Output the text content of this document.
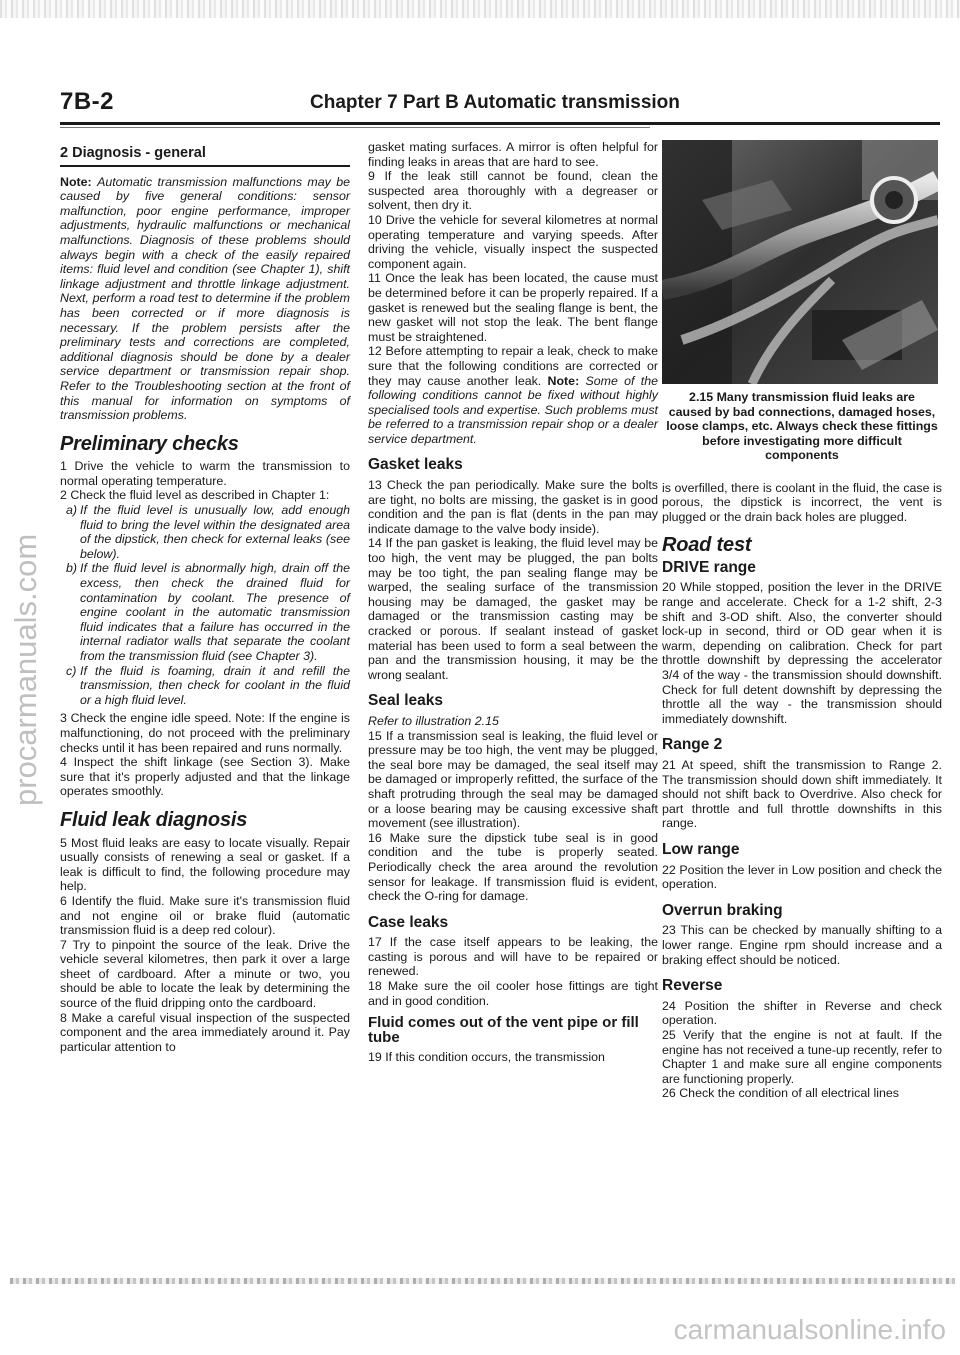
7B-2	Chapter 7 Part B Automatic transmission
2 Diagnosis - general

Note: Automatic transmission malfunctions may be caused by five general conditions: sensor malfunction, poor engine performance, improper adjustments, hydraulic malfunctions or mechanical malfunctions. Diagnosis of these problems should always begin with a check of the easily repaired items: fluid level and condition (see Chapter 1), shift linkage adjustment and throttle linkage adjustment. Next, perform a road test to determine if the problem has been corrected or if more diagnosis is necessary. If the problem persists after the preliminary tests and corrections are completed, additional diagnosis should be done by a dealer service department or transmission repair shop. Refer to the Troubleshooting section at the front of this manual for information on symptoms of transmission problems.

Preliminary checks

1 Drive the vehicle to warm the transmission to normal operating temperature.

2 Check the fluid level as described in Chapter 1:

a) If the fluid level is unusually low, add enough fluid to bring the level within the designated area of the dipstick, then check for external leaks (see below).

b) If the fluid level is abnormally high, drain off the excess, then check the drained fluid for contamination by coolant. The presence of engine coolant in the automatic transmission fluid indicates that a failure has occurred in the internal radiator walls that separate the coolant from the transmission fluid (see Chapter 3).

c) If the fluid is foaming, drain it and refill the transmission, then check for coolant in the fluid or a high fluid level.

3 Check the engine idle speed. Note: If the engine is malfunctioning, do not proceed with the preliminary checks until it has been repaired and runs normally.

4 Inspect the shift linkage (see Section 3). Make sure that it's properly adjusted and that the linkage operates smoothly.

Fluid leak diagnosis

5 Most fluid leaks are easy to locate visually. Repair usually consists of renewing a seal or gasket. If a leak is difficult to find, the following procedure may help.

6 Identify the fluid. Make sure it's transmission fluid and not engine oil or brake fluid (automatic transmission fluid is a deep red colour).

7 Try to pinpoint the source of the leak. Drive the vehicle several kilometres, then park it over a large sheet of cardboard. After a minute or two, you should be able to locate the leak by determining the source of the fluid dripping onto the cardboard.

8 Make a careful visual inspection of the suspected component and the area immediately around it. Pay particular attention to

gasket mating surfaces. A mirror is often helpful for finding leaks in areas that are hard to see.

9 If the leak still cannot be found, clean the suspected area thoroughly with a degreaser or solvent, then dry it.

10 Drive the vehicle for several kilometres at normal operating temperature and varying speeds. After driving the vehicle, visually inspect the suspected component again.

11 Once the leak has been located, the cause must be determined before it can be properly repaired. If a gasket is renewed but the sealing flange is bent, the new gasket will not stop the leak. The bent flange must be straightened.

12 Before attempting to repair a leak, check to make sure that the following conditions are corrected or they may cause another leak. Note: Some of the following conditions cannot be fixed without highly specialised tools and expertise. Such problems must be referred to a transmission repair shop or a dealer service department.

Gasket leaks

13 Check the pan periodically. Make sure the bolts are tight, no bolts are missing, the gasket is in good condition and the pan is flat (dents in the pan may indicate damage to the valve body inside).

14 If the pan gasket is leaking, the fluid level may be too high, the vent may be plugged, the pan bolts may be too tight, the pan sealing flange may be warped, the sealing surface of the transmission housing may be damaged, the gasket may be damaged or the transmission casting may be cracked or porous. If sealant instead of gasket material has been used to form a seal between the pan and the transmission housing, it may be the wrong sealant.

Seal leaks

Refer to illustration 2.15

15 If a transmission seal is leaking, the fluid level or pressure may be too high, the vent may be plugged, the seal bore may be damaged, the seal itself may be damaged or improperly refitted, the surface of the shaft protruding through the seal may be damaged or a loose bearing may be causing excessive shaft movement (see illustration).

16 Make sure the dipstick tube seal is in good condition and the tube is properly seated. Periodically check the area around the revolution sensor for leakage. If transmission fluid is evident, check the O-ring for damage.

Case leaks

17 If the case itself appears to be leaking, the casting is porous and will have to be repaired or renewed.

18 Make sure the oil cooler hose fittings are tight and in good condition.

Fluid comes out of the vent pipe or fill tube

19 If this condition occurs, the transmission

2.15 Many transmission fluid leaks are caused by bad connections, damaged hoses, loose clamps, etc. Always check these fittings before investigating more difficult components

is overfilled, there is coolant in the fluid, the case is porous, the dipstick is incorrect, the vent is plugged or the drain back holes are plugged.

Road test
DRIVE range

20 While stopped, position the lever in the DRIVE range and accelerate. Check for a 1-2 shift, 2-3 shift and 3-OD shift. Also, the converter should lock-up in second, third or OD gear when it is warm, depending on calibration. Check for part throttle downshift by depressing the accelerator 3/4 of the way - the transmission should downshift. Check for full detent downshift by depressing the throttle all the way - the transmission should immediately downshift.

Range 2

21 At speed, shift the transmission to Range 2. The transmission should down shift immediately. It should not shift back to Overdrive. Also check for part throttle and full throttle downshifts in this range.

Low range

22 Position the lever in Low position and check the operation.

Overrun braking

23 This can be checked by manually shifting to a lower range. Engine rpm should increase and a braking effect should be noticed.

Reverse

24 Position the shifter in Reverse and check operation.

25 Verify that the engine is not at fault. If the engine has not received a tune-up recently, refer to Chapter 1 and make sure all engine components are functioning properly.

26 Check the condition of all electrical lines

procarmanuals.com
carmanualsonline.info
